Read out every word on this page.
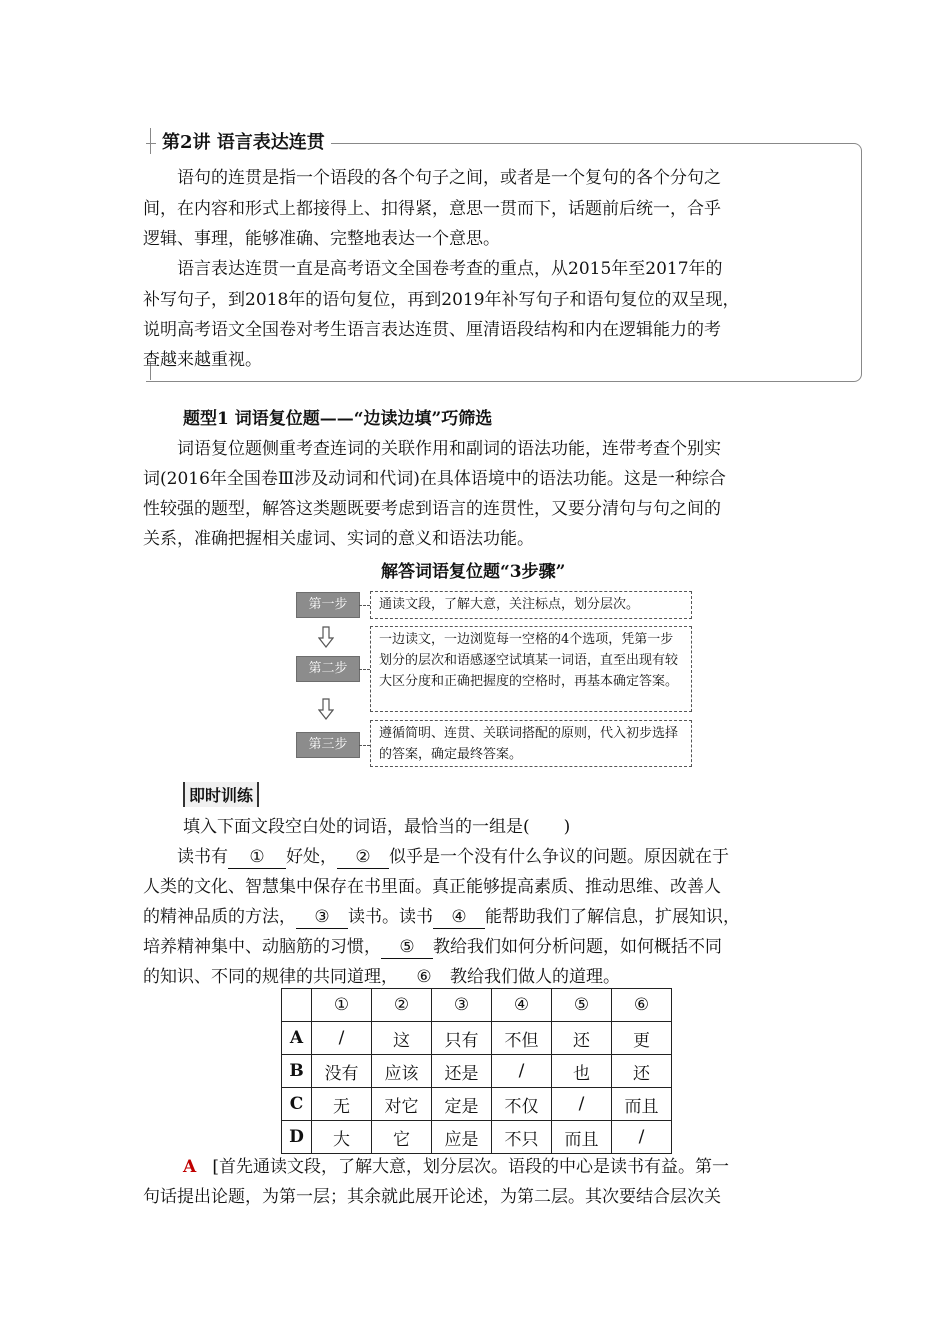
第2讲 语言表达连贯
语句的连贯是指一个语段的各个句子之间，或者是一个复句的各个分句之
间，在内容和形式上都接得上、扣得紧，意思一贯而下，话题前后统一，合乎
逻辑、事理，能够准确、完整地表达一个意思。
语言表达连贯一直是高考语文全国卷考查的重点，从2015年至2017年的
补写句子，到2018年的语句复位，再到2019年补写句子和语句复位的双呈现，
说明高考语文全国卷对考生语言表达连贯、厘清语段结构和内在逻辑能力的考
查越来越重视。
题型1 词语复位题——“边读边填”巧筛选
词语复位题侧重考查连词的关联作用和副词的语法功能，连带考查个别实
词(2016年全国卷Ⅲ涉及动词和代词)在具体语境中的语法功能。这是一种综合
性较强的题型，解答这类题既要考虑到语言的连贯性，又要分清句与句之间的
关系，准确把握相关虚词、实词的意义和语法功能。
解答词语复位题“3步骤”
第一步	通读文段，了解大意，关注标点，划分层次。
第二步
一边读文，一边浏览每一空格的4个选项，凭第一步划分的层次和语感逐空试填某一词语，直至出现有较大区分度和正确把握度的空格时，再基本确定答案。
第三步
遵循简明、连贯、关联词搭配的原则，代入初步选择的答案，确定最终答案。
即时训练
填入下面文段空白处的词语，最恰当的一组是(　　)
读书有 ① 好处， ② 似乎是一个没有什么争议的问题。原因就在于
人类的文化、智慧集中保存在书里面。真正能够提高素质、推动思维、改善人
的精神品质的方法， ③ 读书。读书 ④ 能帮助我们了解信息，扩展知识，
培养精神集中、动脑筋的习惯， ⑤ 教给我们如何分析问题，如何概括不同
的知识、不同的规律的共同道理， ⑥ 教给我们做人的道理。
	①	②	③	④	⑤	⑥
A	/	这	只有	不但	还	更
B	没有	应该	还是	/	也	还
C	无	对它	定是	不仅	/	而且
D	大	它	应是	不只	而且	/
A [首先通读文段，了解大意，划分层次。语段的中心是读书有益。第一
句话提出论题，为第一层；其余就此展开论述，为第二层。其次要结合层次关
